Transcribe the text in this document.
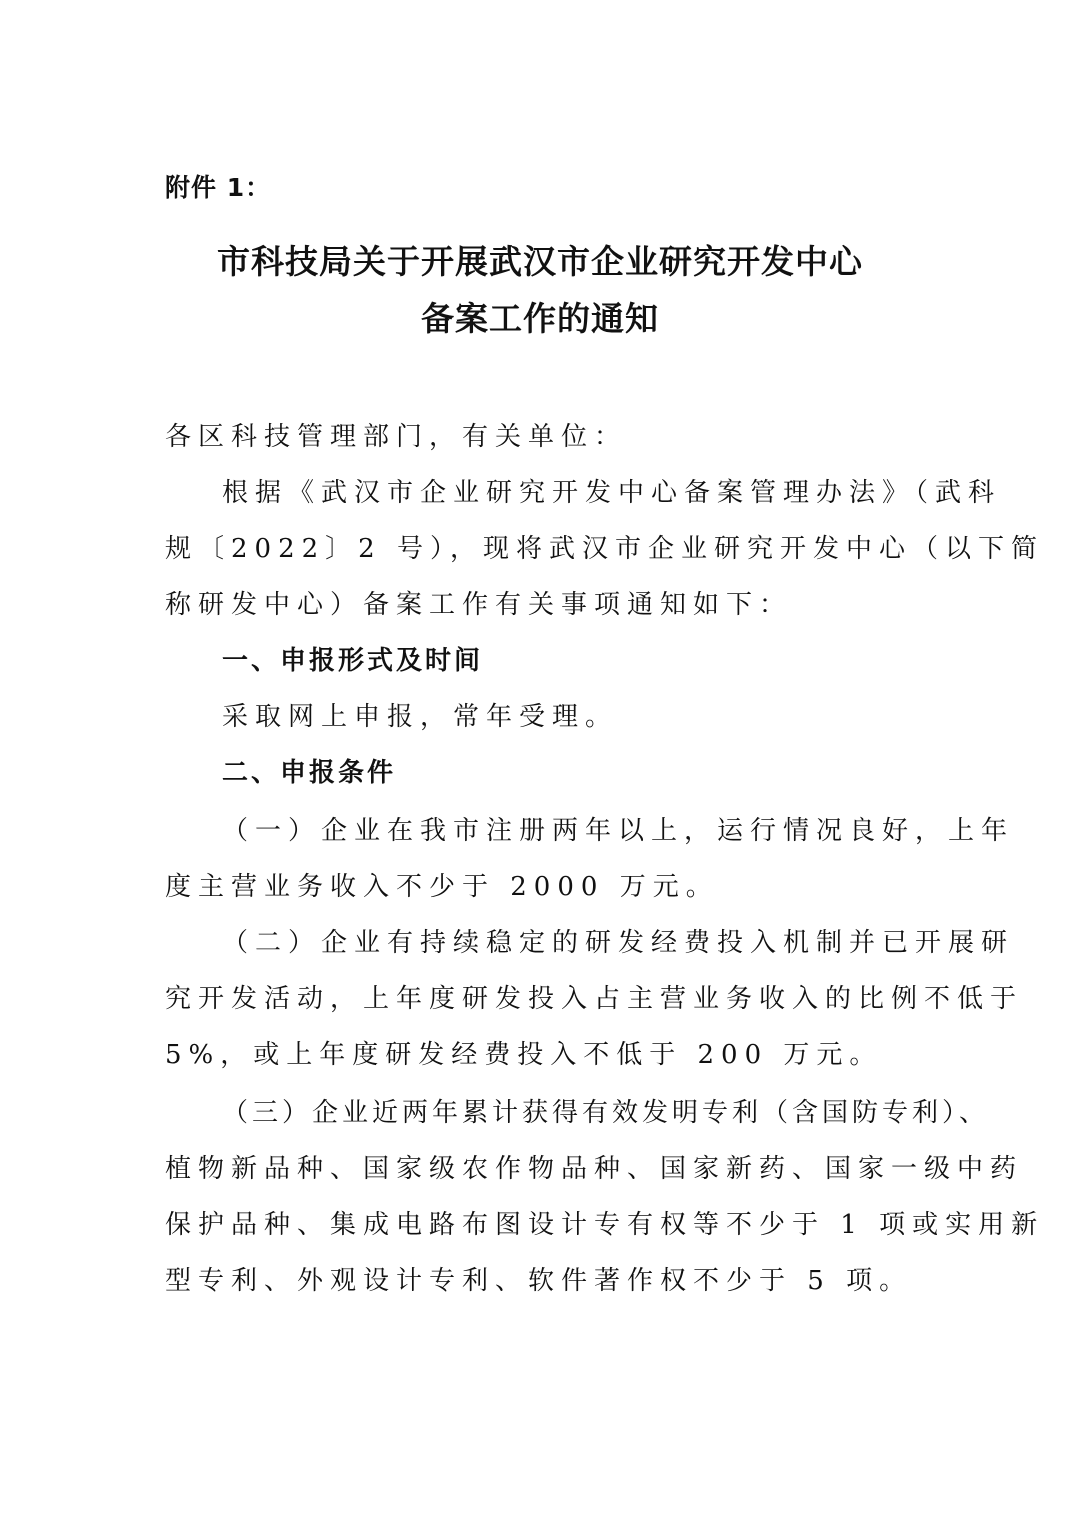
附件 1：
市科技局关于开展武汉市企业研究开发中心
备案工作的通知
各区科技管理部门，有关单位：
根据《武汉市企业研究开发中心备案管理办法》（武科
规〔2022〕2 号），现将武汉市企业研究开发中心（以下简
称研发中心）备案工作有关事项通知如下：
一、申报形式及时间
采取网上申报，常年受理。
二、申报条件
（一）企业在我市注册两年以上，运行情况良好，上年
度主营业务收入不少于 2000 万元。
（二）企业有持续稳定的研发经费投入机制并已开展研
究开发活动，上年度研发投入占主营业务收入的比例不低于
5%，或上年度研发经费投入不低于 200 万元。
（三）企业近两年累计获得有效发明专利（含国防专利）、
植物新品种、国家级农作物品种、国家新药、国家一级中药
保护品种、集成电路布图设计专有权等不少于 1 项或实用新
型专利、外观设计专利、软件著作权不少于 5 项。
